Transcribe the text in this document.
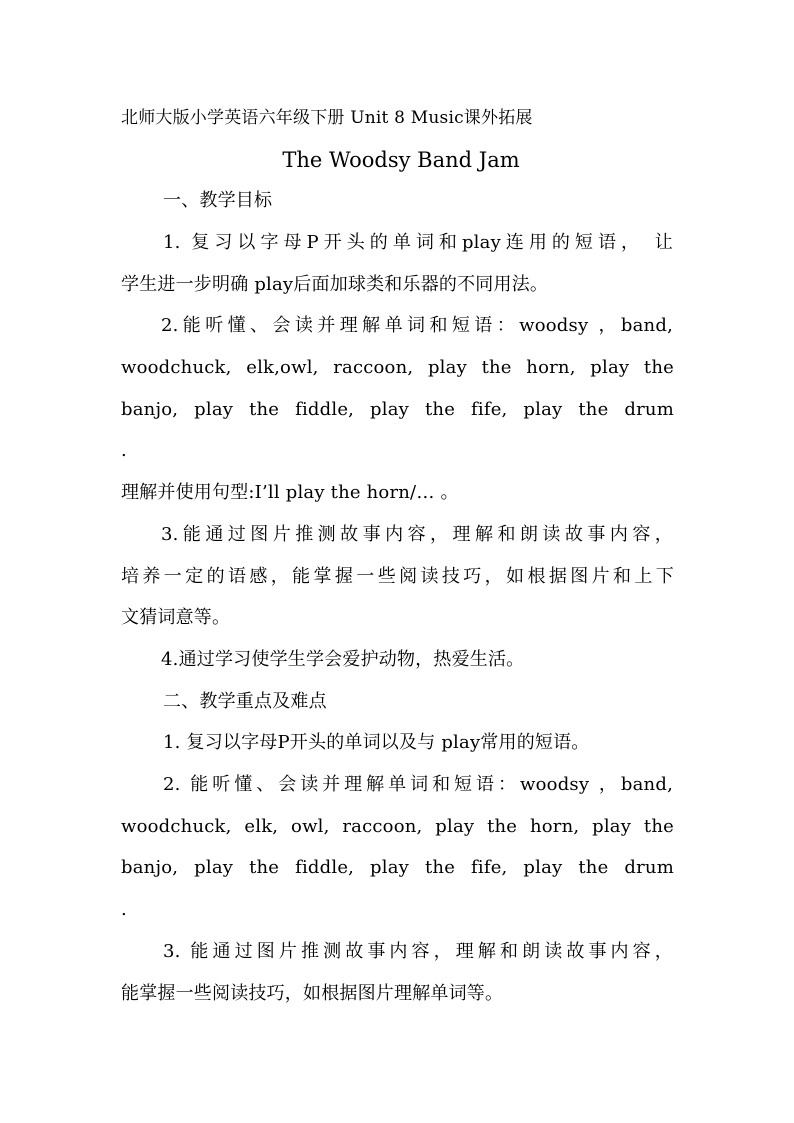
北师大版小学英语六年级下册 Unit 8 Music课外拓展
The Woodsy Band Jam
一、教学目标
1. 复习以字母P开头的单词和play连用的短语， 让
学生进一步明确 play后面加球类和乐器的不同用法。
2.能听懂、会读并理解单词和短语：woodsy ，band,
woodchuck, elk,owl, raccoon, play the horn, play the
banjo, play the fiddle, play the fife, play the drum
.
理解并使用句型:I’ll play the horn/… 。
3.能通过图片推测故事内容，理解和朗读故事内容，
培养一定的语感，能掌握一些阅读技巧，如根据图片和上下
文猜词意等。
4.通过学习使学生学会爱护动物，热爱生活。
二、教学重点及难点
1. 复习以字母P开头的单词以及与 play常用的短语。
2. 能听懂、会读并理解单词和短语：woodsy ，band,
woodchuck, elk, owl, raccoon, play the horn, play the
banjo, play the fiddle, play the fife, play the drum
.
3. 能通过图片推测故事内容，理解和朗读故事内容，
能掌握一些阅读技巧，如根据图片理解单词等。
